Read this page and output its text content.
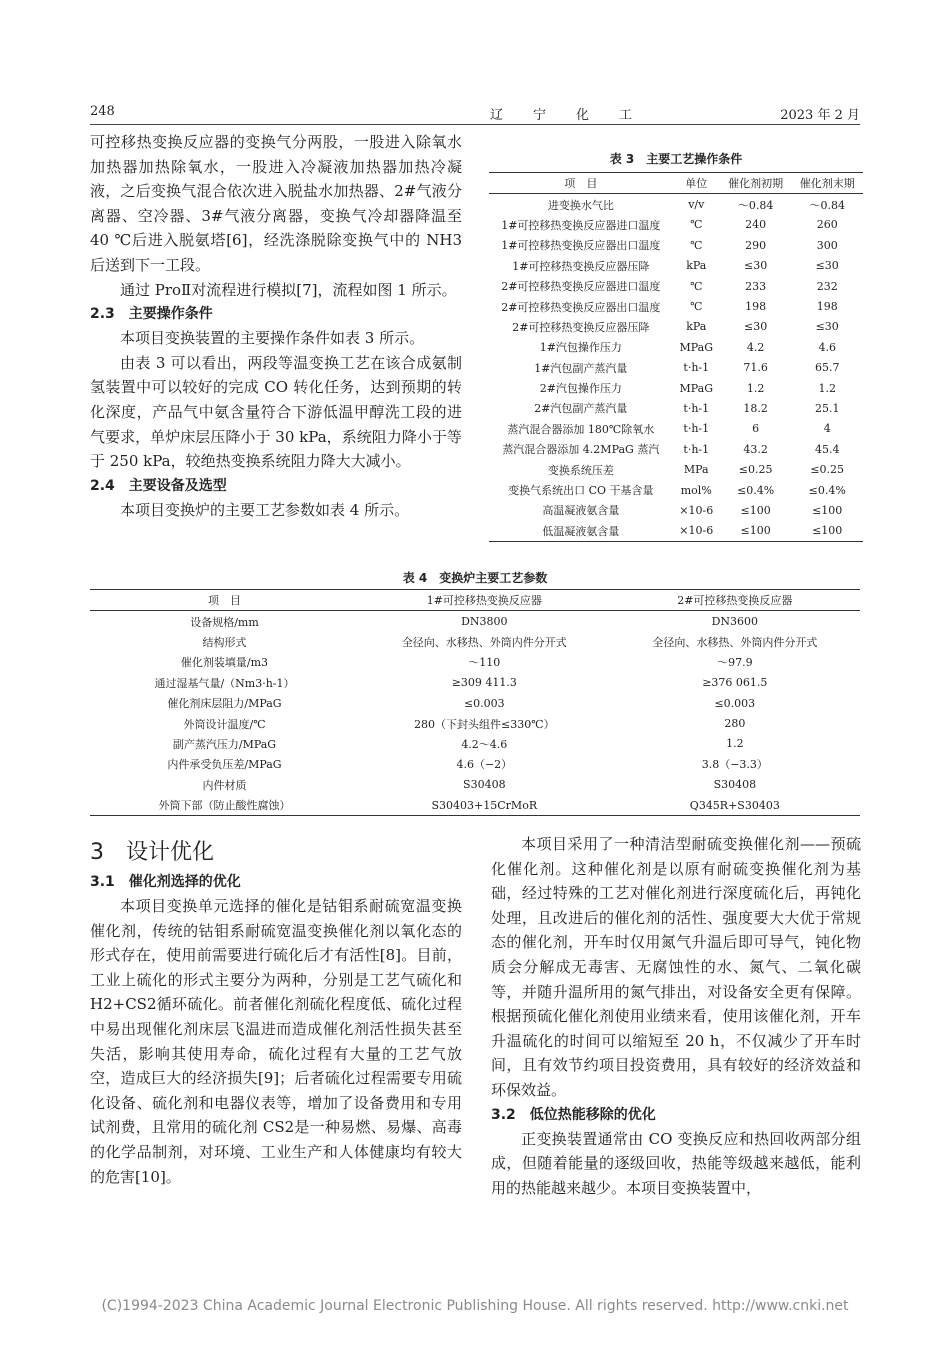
248	辽宁化工	2023 年 2 月

可控移热变换反应器的变换气分两股，一股进入除氧水加热器加热除氧水，一股进入冷凝液加热器加热冷凝液，之后变换气混合依次进入脱盐水加热器、2#气液分离器、空冷器、3#气液分离器，变换气冷却器降温至 40 ℃后进入脱氨塔[6]，经洗涤脱除变换气中的 NH3后送到下一工段。

通过 ProⅡ对流程进行模拟[7]，流程如图 1 所示。

2.3　主要操作条件

本项目变换装置的主要操作条件如表 3 所示。

由表 3 可以看出，两段等温变换工艺在该合成氨制氢装置中可以较好的完成 CO 转化任务，达到预期的转化深度，产品气中氨含量符合下游低温甲醇洗工段的进气要求，单炉床层压降小于 30 kPa，系统阻力降小于等于 250 kPa，较绝热变换系统阻力降大大减小。

2.4　主要设备及选型

本项目变换炉的主要工艺参数如表 4 所示。

表 3　主要工艺操作条件
项　目	单位	催化剂初期	催化剂末期
进变换水气比	v/v	～0.84	～0.84
1#可控移热变换反应器进口温度	℃	240	260
1#可控移热变换反应器出口温度	℃	290	300
1#可控移热变换反应器压降	kPa	≤30	≤30
2#可控移热变换反应器进口温度	℃	233	232
2#可控移热变换反应器出口温度	℃	198	198
2#可控移热变换反应器压降	kPa	≤30	≤30
1#汽包操作压力	MPaG	4.2	4.6
1#汽包副产蒸汽量	t·h-1	71.6	65.7
2#汽包操作压力	MPaG	1.2	1.2
2#汽包副产蒸汽量	t·h-1	18.2	25.1
蒸汽混合器添加 180℃除氧水	t·h-1	6	4
蒸汽混合器添加 4.2MPaG 蒸汽	t·h-1	43.2	45.4
变换系统压差	MPa	≤0.25	≤0.25
变换气系统出口 CO 干基含量	mol%	≤0.4%	≤0.4%
高温凝液氨含量	×10-6	≤100	≤100
低温凝液氨含量	×10-6	≤100	≤100
表 4　变换炉主要工艺参数
项　目	1#可控移热变换反应器	2#可控移热变换反应器
设备规格/mm	DN3800	DN3600
结构形式	全径向、水移热、外筒内件分开式	全径向、水移热、外筒内件分开式
催化剂装填量/m3	～110	～97.9
通过湿基气量/（Nm3·h-1）	≥309 411.3	≥376 061.5
催化剂床层阻力/MPaG	≤0.003	≤0.003
外筒设计温度/℃	280（下封头组件≤330℃）	280
副产蒸汽压力/MPaG	4.2～4.6	1.2
内件承受负压差/MPaG	4.6（−2）	3.8（−3.3）
内件材质	S30408	S30408
外筒下部（防止酸性腐蚀）	S30403+15CrMoR	Q345R+S30403

3　设计优化

3.1　催化剂选择的优化

本项目变换单元选择的催化是钴钼系耐硫宽温变换催化剂，传统的钴钼系耐硫宽温变换催化剂以氧化态的形式存在，使用前需要进行硫化后才有活性[8]。目前，工业上硫化的形式主要分为两种，分别是工艺气硫化和 H2+CS2循环硫化。前者催化剂硫化程度低、硫化过程中易出现催化剂床层飞温进而造成催化剂活性损失甚至失活，影响其使用寿命，硫化过程有大量的工艺气放空，造成巨大的经济损失[9]；后者硫化过程需要专用硫化设备、硫化剂和电器仪表等，增加了设备费用和专用试剂费，且常用的硫化剂 CS2是一种易燃、易爆、高毒的化学品制剂，对环境、工业生产和人体健康均有较大的危害[10]。

本项目采用了一种清洁型耐硫变换催化剂——预硫化催化剂。这种催化剂是以原有耐硫变换催化剂为基础，经过特殊的工艺对催化剂进行深度硫化后，再钝化处理，且改进后的催化剂的活性、强度要大大优于常规态的催化剂，开车时仅用氮气升温后即可导气，钝化物质会分解成无毒害、无腐蚀性的水、氮气、二氧化碳等，并随升温所用的氮气排出，对设备安全更有保障。根据预硫化催化剂使用业绩来看，使用该催化剂，开车升温硫化的时间可以缩短至 20 h，不仅减少了开车时间，且有效节约项目投资费用，具有较好的经济效益和环保效益。

3.2　低位热能移除的优化

正变换装置通常由 CO 变换反应和热回收两部分组成，但随着能量的逐级回收，热能等级越来越低，能利用的热能越来越少。本项目变换装置中，

(C)1994-2023 China Academic Journal Electronic Publishing House. All rights reserved. http://www.cnki.net
